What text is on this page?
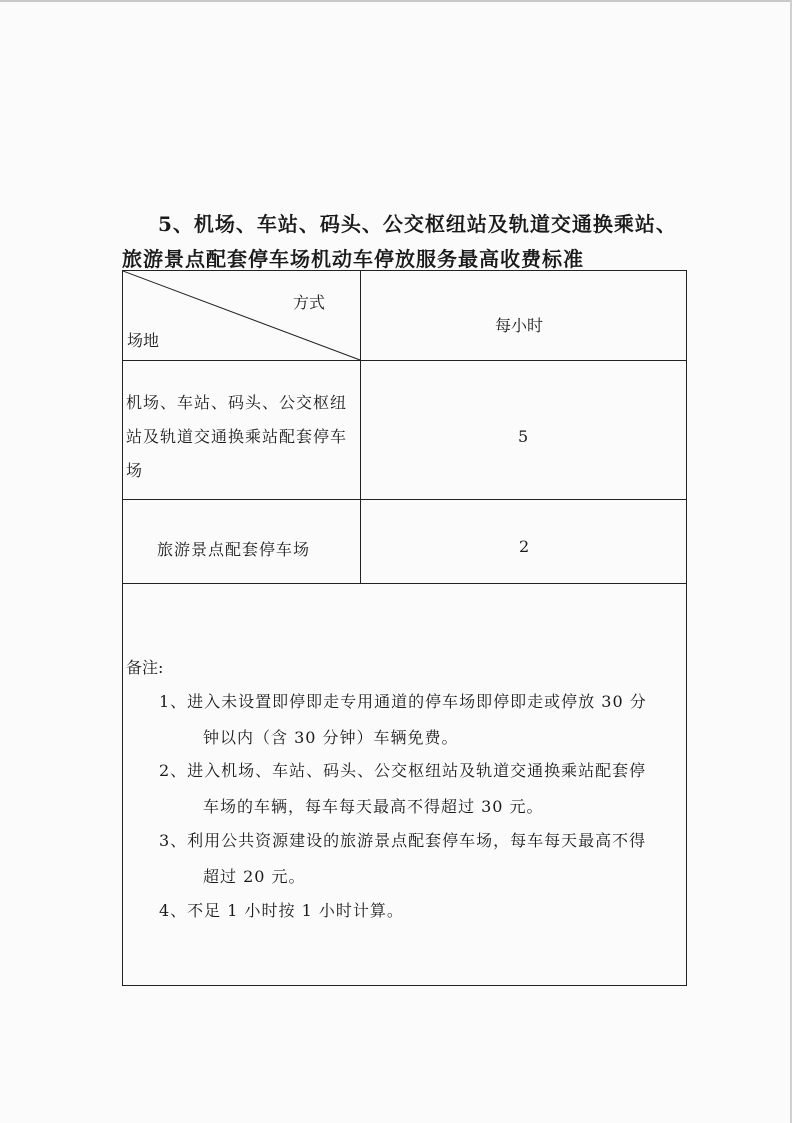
5、机场、车站、码头、公交枢纽站及轨道交通换乘站、
旅游景点配套停车场机动车停放服务最高收费标准
方式
场地
每小时
机场、车站、码头、公交枢纽站及轨道交通换乘站配套停车场
5
旅游景点配套停车场	2
备注:
1、进入未设置即停即走专用通道的停车场即停即走或停放 30 分
钟以内（含 30 分钟）车辆免费。
2、进入机场、车站、码头、公交枢纽站及轨道交通换乘站配套停
车场的车辆，每车每天最高不得超过 30 元。
3、利用公共资源建设的旅游景点配套停车场，每车每天最高不得
超过 20 元。
4、不足 1 小时按 1 小时计算。
